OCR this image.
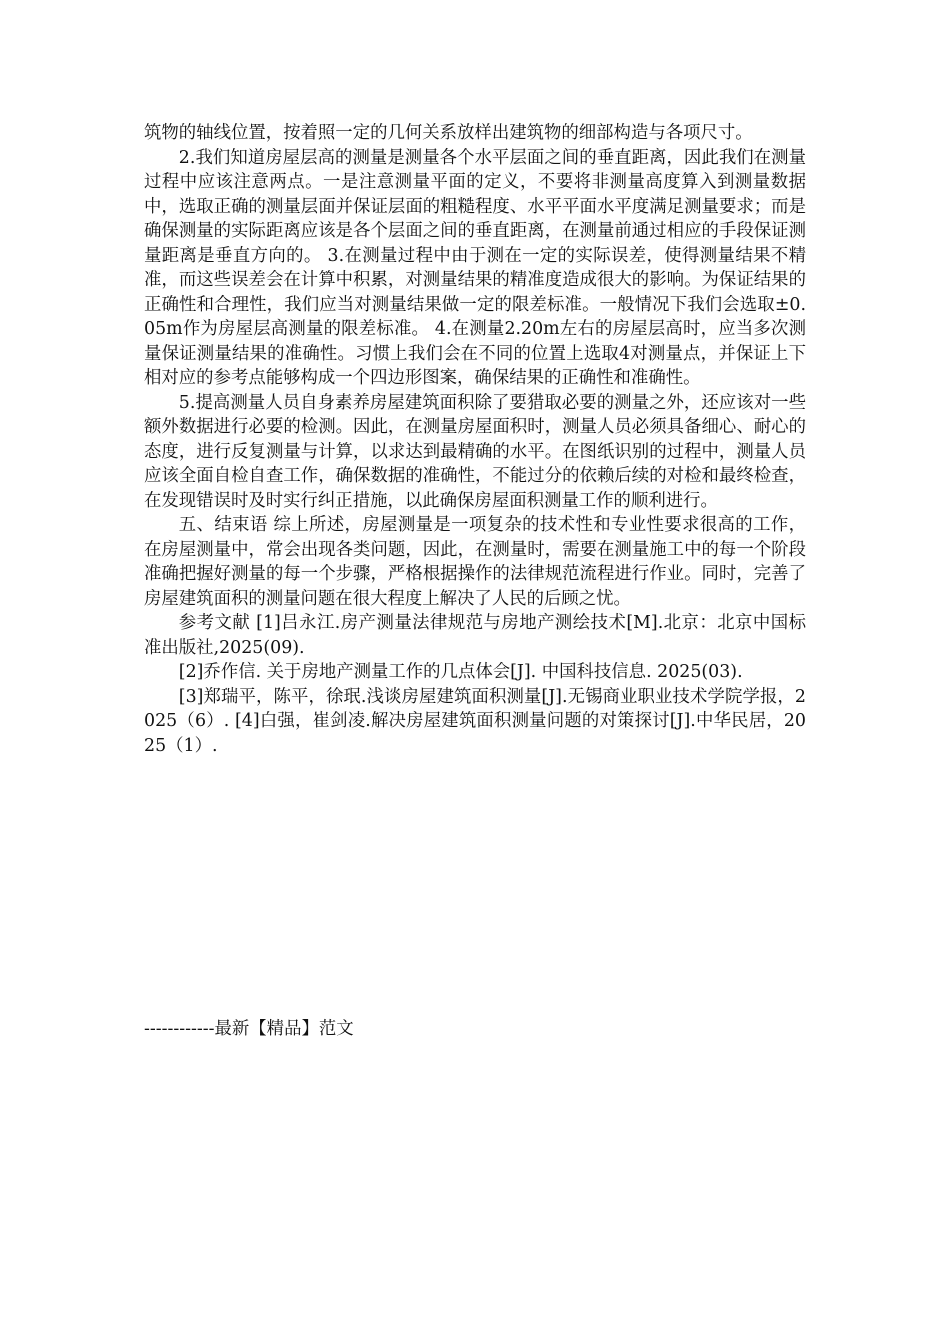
筑物的轴线位置，按着照一定的几何关系放样出建筑物的细部构造与各项尺寸。

2.我们知道房屋层高的测量是测量各个水平层面之间的垂直距离，因此我们在测量过程中应该注意两点。一是注意测量平面的定义，不要将非测量高度算入到测量数据中，选取正确的测量层面并保证层面的粗糙程度、水平平面水平度满足测量要求；而是确保测量的实际距离应该是各个层面之间的垂直距离，在测量前通过相应的手段保证测量距离是垂直方向的。 3.在测量过程中由于测在一定的实际误差，使得测量结果不精准，而这些误差会在计算中积累，对测量结果的精准度造成很大的影响。为保证结果的正确性和合理性，我们应当对测量结果做一定的限差标准。一般情况下我们会选取±0.05m作为房屋层高测量的限差标准。 4.在测量2.20m左右的房屋层高时，应当多次测量保证测量结果的准确性。习惯上我们会在不同的位置上选取4对测量点，并保证上下相对应的参考点能够构成一个四边形图案，确保结果的正确性和准确性。

5.提高测量人员自身素养房屋建筑面积除了要猎取必要的测量之外，还应该对一些额外数据进行必要的检测。因此，在测量房屋面积时，测量人员必须具备细心、耐心的态度，进行反复测量与计算，以求达到最精确的水平。在图纸识别的过程中，测量人员应该全面自检自查工作，确保数据的准确性，不能过分的依赖后续的对检和最终检查，在发现错误时及时实行纠正措施，以此确保房屋面积测量工作的顺利进行。

五、结束语 综上所述，房屋测量是一项复杂的技术性和专业性要求很高的工作，在房屋测量中，常会出现各类问题，因此，在测量时，需要在测量施工中的每一个阶段准确把握好测量的每一个步骤，严格根据操作的法律规范流程进行作业。同时，完善了房屋建筑面积的测量问题在很大程度上解决了人民的后顾之忧。

参考文献 [1]吕永江.房产测量法律规范与房地产测绘技术[M].北京：北京中国标准出版社,2025(09).

[2]乔作信. 关于房地产测量工作的几点体会[J]. 中国科技信息. 2025(03).

[3]郑瑞平，陈平，徐珉.浅谈房屋建筑面积测量[J].无锡商业职业技术学院学报，2025（6）. [4]白强，崔剑凌.解决房屋建筑面积测量问题的对策探讨[J].中华民居，2025（1）.

------------最新【精品】范文
